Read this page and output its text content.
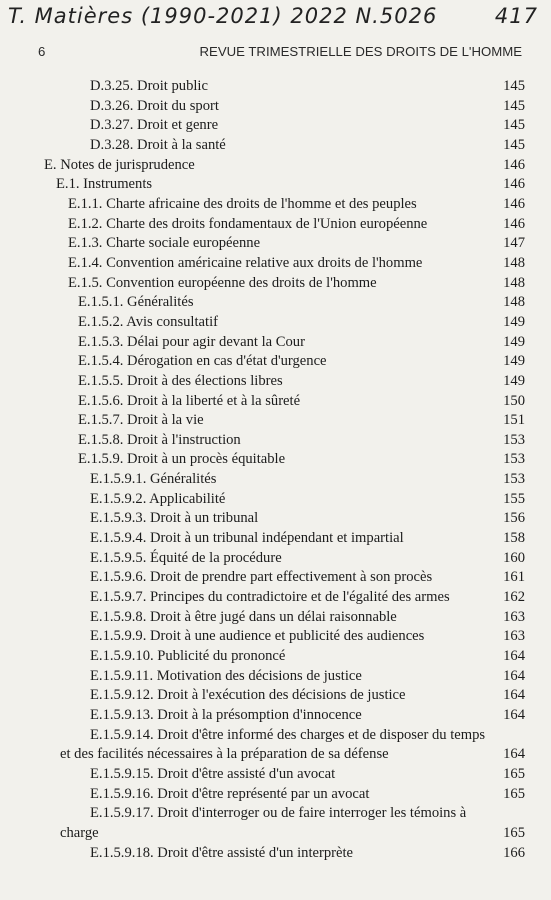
T. Matières (1990-2021) 2022 N.5026	417
6	REVUE TRIMESTRIELLE DES DROITS DE L'HOMME
D.3.25. Droit public	145
D.3.26. Droit du sport	145
D.3.27. Droit et genre	145
D.3.28. Droit à la santé	145
E. Notes de jurisprudence	146
E.1. Instruments	146
E.1.1. Charte africaine des droits de l'homme et des peuples	146
E.1.2. Charte des droits fondamentaux de l'Union européenne	146
E.1.3. Charte sociale européenne	147
E.1.4. Convention américaine relative aux droits de l'homme	148
E.1.5. Convention européenne des droits de l'homme	148
E.1.5.1. Généralités	148
E.1.5.2. Avis consultatif	149
E.1.5.3. Délai pour agir devant la Cour	149
E.1.5.4. Dérogation en cas d'état d'urgence	149
E.1.5.5. Droit à des élections libres	149
E.1.5.6. Droit à la liberté et à la sûreté	150
E.1.5.7. Droit à la vie	151
E.1.5.8. Droit à l'instruction	153
E.1.5.9. Droit à un procès équitable	153
E.1.5.9.1. Généralités	153
E.1.5.9.2. Applicabilité	155
E.1.5.9.3. Droit à un tribunal	156
E.1.5.9.4. Droit à un tribunal indépendant et impartial	158
E.1.5.9.5. Équité de la procédure	160
E.1.5.9.6. Droit de prendre part effectivement à son procès	161
E.1.5.9.7. Principes du contradictoire et de l'égalité des armes	162
E.1.5.9.8. Droit à être jugé dans un délai raisonnable	163
E.1.5.9.9. Droit à une audience et publicité des audiences	163
E.1.5.9.10. Publicité du prononcé	164
E.1.5.9.11. Motivation des décisions de justice	164
E.1.5.9.12. Droit à l'exécution des décisions de justice	164
E.1.5.9.13. Droit à la présomption d'innocence	164
E.1.5.9.14. Droit d'être informé des charges et de disposer du temps
et des facilités nécessaires à la préparation de sa défense	164
E.1.5.9.15. Droit d'être assisté d'un avocat	165
E.1.5.9.16. Droit d'être représenté par un avocat	165
E.1.5.9.17. Droit d'interroger ou de faire interroger les témoins à
charge	165
E.1.5.9.18. Droit d'être assisté d'un interprète	166
